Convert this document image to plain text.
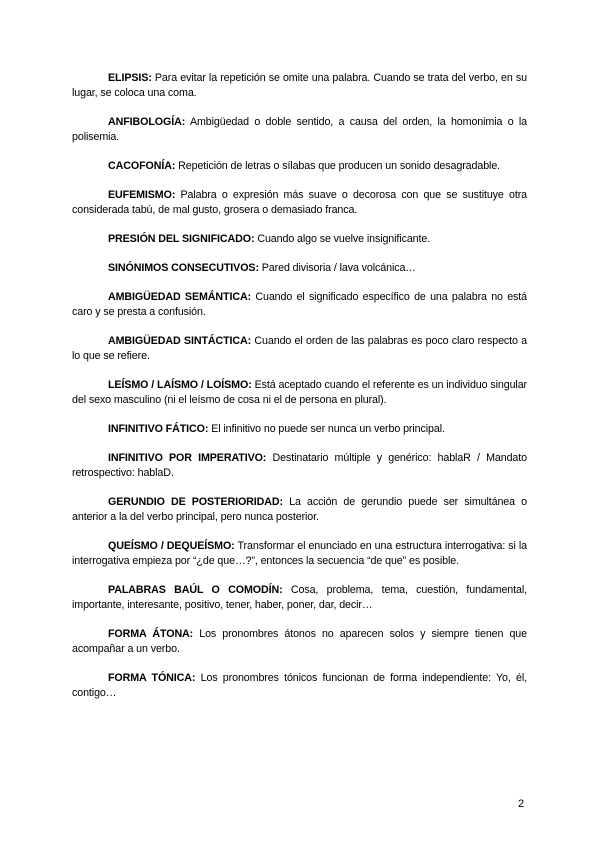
ELIPSIS: Para evitar la repetición se omite una palabra. Cuando se trata del verbo, en su lugar, se coloca una coma.

ANFIBOLOGÍA: Ambigüedad o doble sentido, a causa del orden, la homonimia o la polisemia.

CACOFONÍA: Repetición de letras o sílabas que producen un sonido desagradable.

EUFEMISMO: Palabra o expresión más suave o decorosa con que se sustituye otra considerada tabú, de mal gusto, grosera o demasiado franca.

PRESIÓN DEL SIGNIFICADO: Cuando algo se vuelve insignificante.

SINÓNIMOS CONSECUTIVOS: Pared divisoria / lava volcánica…

AMBIGÜEDAD SEMÁNTICA: Cuando el significado específico de una palabra no está caro y se presta a confusión.

AMBIGÜEDAD SINTÁCTICA: Cuando el orden de las palabras es poco claro respecto a lo que se refiere.

LEÍSMO / LAÍSMO / LOÍSMO: Está aceptado cuando el referente es un individuo singular del sexo masculino (ni el leísmo de cosa ni el de persona en plural).

INFINITIVO FÁTICO: El infinitivo no puede ser nunca un verbo principal.

INFINITIVO POR IMPERATIVO: Destinatario múltiple y genérico: hablaR / Mandato retrospectivo: hablaD.

GERUNDIO DE POSTERIORIDAD: La acción de gerundio puede ser simultánea o anterior a la del verbo principal, pero nunca posterior.

QUEÍSMO / DEQUEÍSMO: Transformar el enunciado en una estructura interrogativa: si la interrogativa empieza por “¿de que…?”, entonces la secuencia “de que” es posible.

PALABRAS BAÚL O COMODÍN: Cosa, problema, tema, cuestión, fundamental, importante, interesante, positivo, tener, haber, poner, dar, decir…

FORMA ÁTONA: Los pronombres átonos no aparecen solos y siempre tienen que acompañar a un verbo.

FORMA TÓNICA: Los pronombres tónicos funcionan de forma independiente: Yo, él, contigo…

2
